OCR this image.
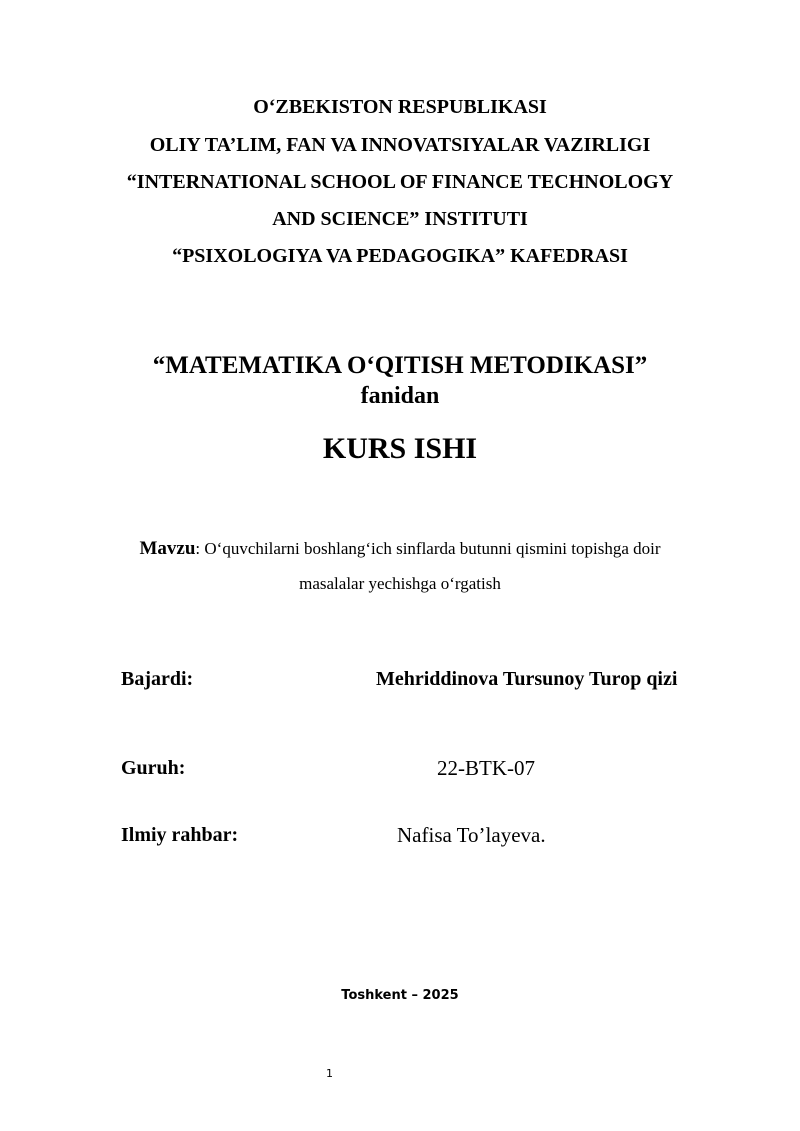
O‘ZBEKISTON RESPUBLIKASI
OLIY TA’LIM, FAN VA INNOVATSIYALAR VAZIRLIGI
“INTERNATIONAL SCHOOL OF FINANCE TECHNOLOGY
AND SCIENCE” INSTITUTI
“PSIXOLOGIYA VA PEDAGOGIKA” KAFEDRASI
“MATEMATIKA O‘QITISH METODIKASI”
fanidan
KURS ISHI
Mavzu: O‘quvchilarni boshlang‘ich sinflarda butunni qismini topishga doir
masalalar yechishga o‘rgatish
Bajardi:	Mehriddinova Tursunoy Turop qizi
Guruh:	22-BTK-07
Ilmiy rahbar:	Nafisa To’layeva.
Toshkent – 2025
1
